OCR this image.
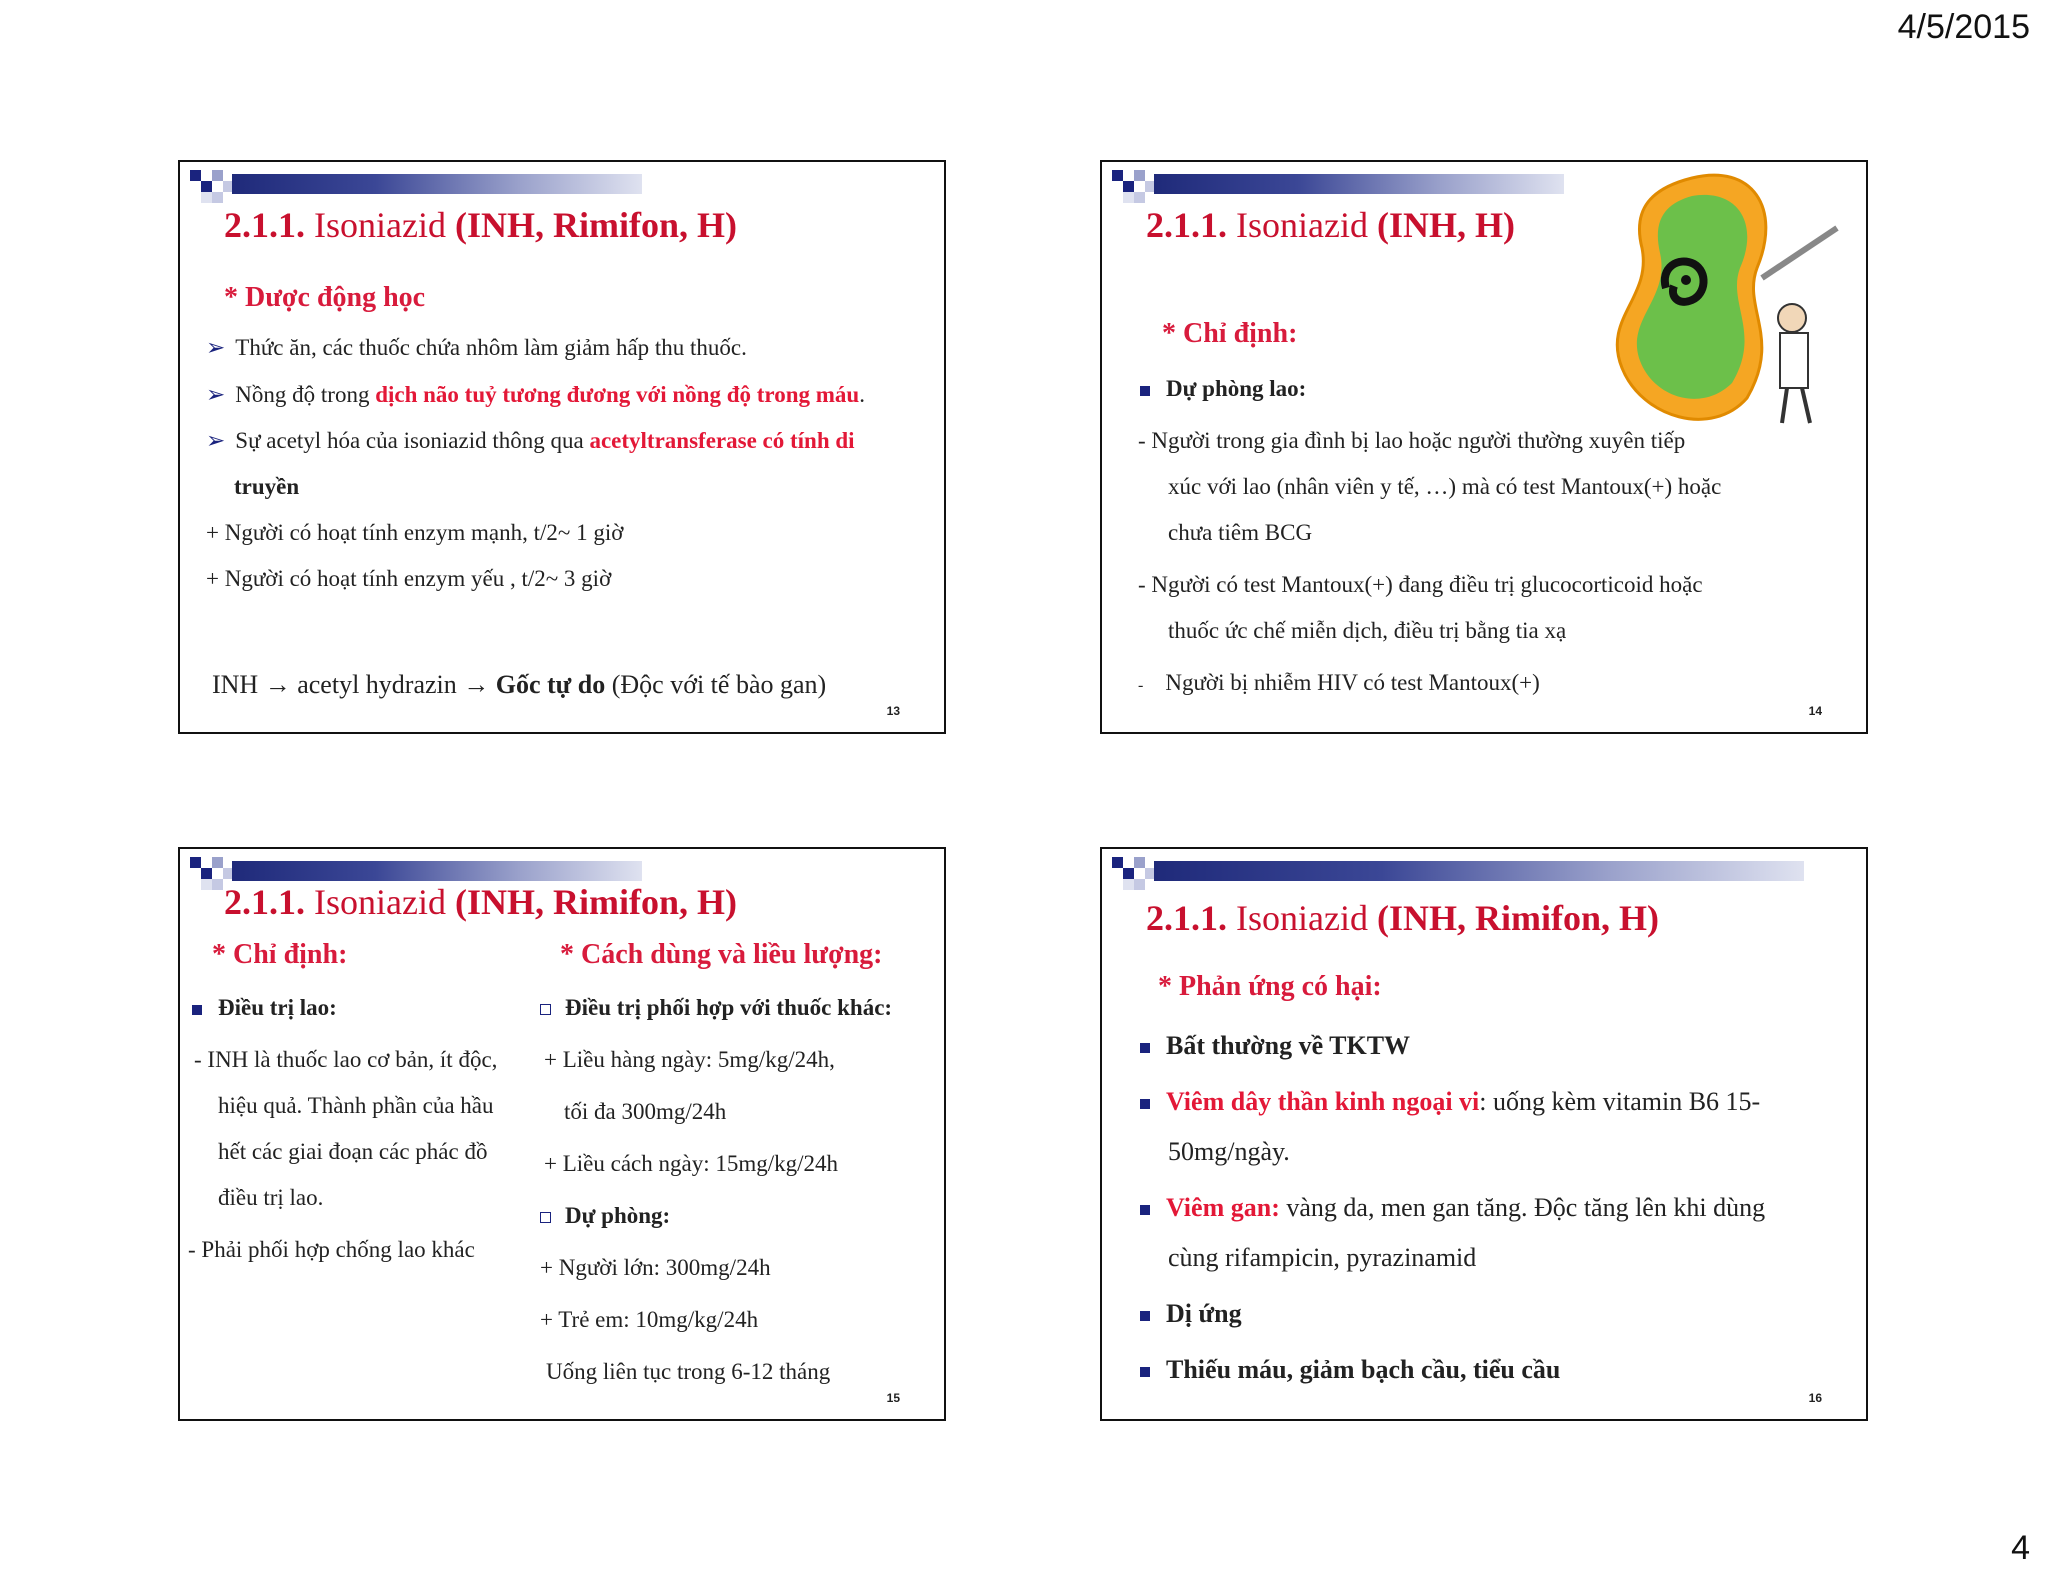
4/5/2015
2.1.1. Isoniazid (INH, Rimifon, H)
* Dược động học
➢ Thức ăn, các thuốc chứa nhôm làm giảm hấp thu thuốc.
➢ Nồng độ trong dịch não tuỷ tương đương với nồng độ trong máu.
➢ Sự acetyl hóa của isoniazid thông qua acetyltransferase có tính di
truyền
+ Người có hoạt tính enzym mạnh, t/2~ 1 giờ
+ Người có hoạt tính enzym yếu , t/2~ 3 giờ
INH → acetyl hydrazin → Gốc tự do (Độc với tế bào gan)
13
2.1.1. Isoniazid (INH, H)
* Chỉ định:
Dự phòng lao:
- Người trong gia đình bị lao hoặc người thường xuyên tiếp
xúc với lao (nhân viên y tế, …) mà có test Mantoux(+) hoặc
chưa tiêm BCG
- Người có test Mantoux(+) đang điều trị glucocorticoid hoặc
thuốc ức chế miễn dịch, điều trị bằng tia xạ
- Người bị nhiễm HIV có test Mantoux(+)
14
2.1.1. Isoniazid (INH, Rimifon, H)
* Chỉ định:	* Cách dùng và liều lượng:
Điều trị lao:
- INH là thuốc lao cơ bản, ít độc,
hiệu quả. Thành phần của hầu
hết các giai đoạn các phác đồ
điều trị lao.
- Phải phối hợp chống lao khác
Điều trị phối hợp với thuốc khác:
+ Liều hàng ngày: 5mg/kg/24h,
tối đa 300mg/24h
+ Liều cách ngày: 15mg/kg/24h
Dự phòng:
+ Người lớn: 300mg/24h
+ Trẻ em: 10mg/kg/24h
Uống liên tục trong 6-12 tháng
15
2.1.1. Isoniazid (INH, Rimifon, H)
* Phản ứng có hại:
Bất thường về TKTW
Viêm dây thần kinh ngoại vi: uống kèm vitamin B6 15-
50mg/ngày.
Viêm gan: vàng da, men gan tăng. Độc tăng lên khi dùng
cùng rifampicin, pyrazinamid
Dị ứng
Thiếu máu, giảm bạch cầu, tiểu cầu
16
4
